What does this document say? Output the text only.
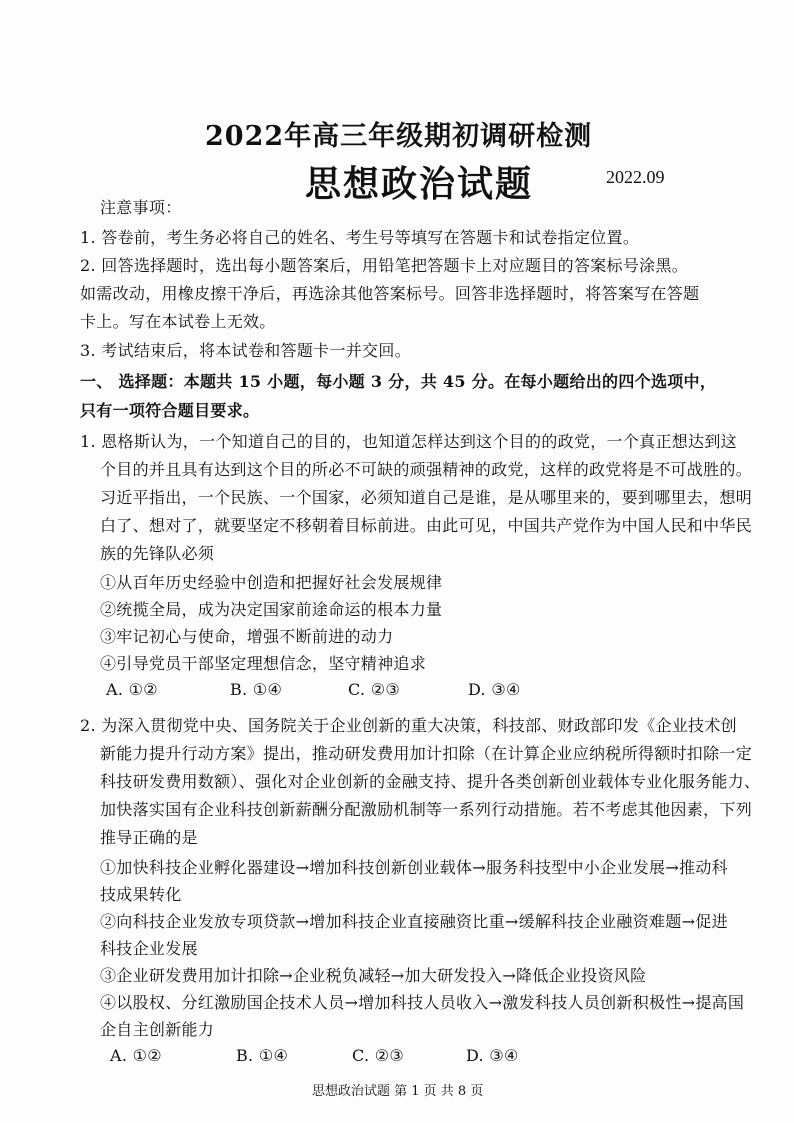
2022年高三年级期初调研检测
思想政治试题	2022.09
注意事项：
1. 答卷前，考生务必将自己的姓名、考生号等填写在答题卡和试卷指定位置。
2. 回答选择题时，选出每小题答案后，用铅笔把答题卡上对应题目的答案标号涂黑。
如需改动，用橡皮擦干净后，再选涂其他答案标号。回答非选择题时，将答案写在答题
卡上。写在本试卷上无效。
3. 考试结束后，将本试卷和答题卡一并交回。
一、 选择题：本题共 15 小题，每小题 3 分，共 45 分。在每小题给出的四个选项中，
只有一项符合题目要求。
1. 恩格斯认为，一个知道自己的目的，也知道怎样达到这个目的的政党，一个真正想达到这
个目的并且具有达到这个目的所必不可缺的顽强精神的政党，这样的政党将是不可战胜的。
习近平指出，一个民族、一个国家，必须知道自己是谁，是从哪里来的，要到哪里去，想明
白了、想对了，就要坚定不移朝着目标前进。由此可见，中国共产党作为中国人民和中华民
族的先锋队必须
①从百年历史经验中创造和把握好社会发展规律
②统揽全局，成为决定国家前途命运的根本力量
③牢记初心与使命，增强不断前进的动力
④引导党员干部坚定理想信念，坚守精神追求
A. ①②	B. ①④	C. ②③	D. ③④
2. 为深入贯彻党中央、国务院关于企业创新的重大决策，科技部、财政部印发《企业技术创
新能力提升行动方案》提出，推动研发费用加计扣除（在计算企业应纳税所得额时扣除一定
科技研发费用数额）、强化对企业创新的金融支持、提升各类创新创业载体专业化服务能力、
加快落实国有企业科技创新薪酬分配激励机制等一系列行动措施。若不考虑其他因素，下列
推导正确的是
①加快科技企业孵化器建设→增加科技创新创业载体→服务科技型中小企业发展→推动科
技成果转化
②向科技企业发放专项贷款→增加科技企业直接融资比重→缓解科技企业融资难题→促进
科技企业发展
③企业研发费用加计扣除→企业税负减轻→加大研发投入→降低企业投资风险
④以股权、分红激励国企技术人员→增加科技人员收入→激发科技人员创新积极性→提高国
企自主创新能力
A. ①②	B. ①④	C. ②③	D. ③④
思想政治试题 第 1 页 共 8 页
